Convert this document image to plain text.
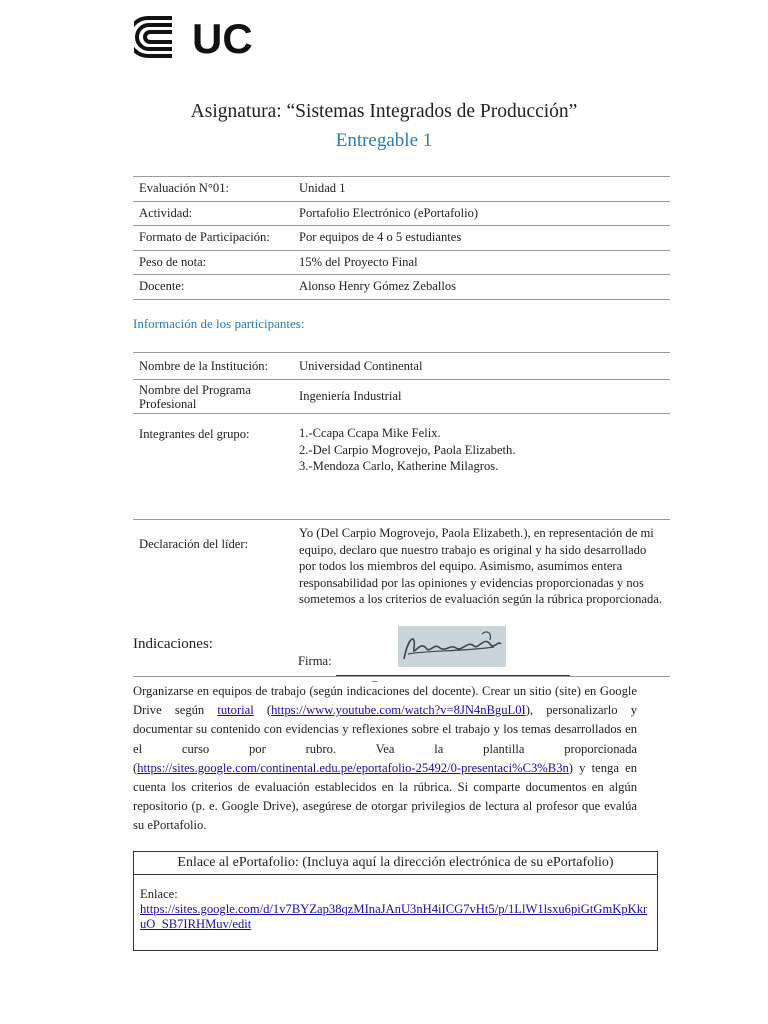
UC
Asignatura: “Sistemas Integrados de Producción”
Entregable 1
Evaluación N°01:	Unidad 1
Actividad:	Portafolio Electrónico (ePortafolio)
Formato de Participación:	Por equipos de 4 o 5 estudiantes
Peso de nota:	15% del Proyecto Final
Docente:	Alonso Henry Gómez Zeballos
Información de los participantes:
Nombre de la Institución:	Universidad Continental

Nombre del Programa
Profesional	Ingeniería Industrial
Integrantes del grupo:	1.-Ccapa Ccapa Mike Felix.
2.-Del Carpio Mogrovejo, Paola Elizabeth.
3.-Mendoza Carlo, Katherine Milagros.

Declaración del líder:	Yo (Del Carpio Mogrovejo, Paola Elizabeth.), en representación de mi equipo, declaro que nuestro trabajo es original y ha sido desarrollado por todos los miembros del equipo. Asimismo, asumimos entera responsabilidad por las opiniones y evidencias proporcionadas y nos sometemos a los criterios de evaluación según la rúbrica proporcionada.
Indicaciones:
Firma:
_
Organizarse en equipos de trabajo (según indicaciones del docente). Crear un sitio (site) en Google Drive según tutorial (https://www.youtube.com/watch?v=8JN4nBguL0I), personalizarlo y documentar su contenido con evidencias y reflexiones sobre el trabajo y los temas desarrollados en el curso por rubro. Vea la plantilla proporcionada (https://sites.google.com/continental.edu.pe/eportafolio-25492/0-presentaci%C3%B3n) y tenga en cuenta los criterios de evaluación establecidos en la rúbrica. Si comparte documentos en algún repositorio (p. e. Google Drive), asegúrese de otorgar privilegios de lectura al profesor que evalúa su ePortafolio.
Enlace al ePortafolio: (Incluya aquí la dirección electrónica de su ePortafolio)
Enlace:
https://sites.google.com/d/1v7BYZap38qzMInaJAnU3nH4iICG7vHt5/p/1LlW1lsxu6piGtGmKpKkruO_SB7IRHMuv/edit
